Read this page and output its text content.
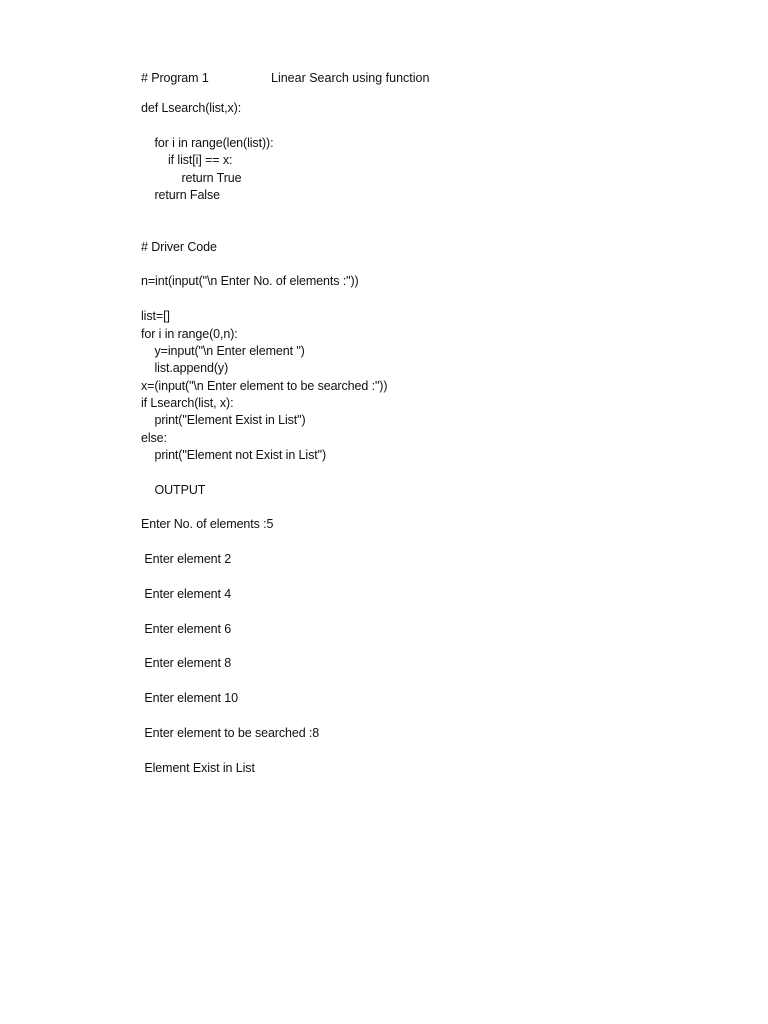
# Program 1	Linear Search using function
def Lsearch(list,x):
for i in range(len(list)):
if list[i] == x:
return True
return False
# Driver Code
n=int(input("\n Enter No. of elements :"))
list=[]
for i in range(0,n):
y=input("\n Enter element ")
list.append(y)
x=(input("\n Enter element to be searched :"))
if Lsearch(list, x):
print("Element Exist in List")
else:
print("Element not Exist in List")
OUTPUT
Enter No. of elements :5
Enter element 2
Enter element 4
Enter element 6
Enter element 8
Enter element 10
Enter element to be searched :8
Element Exist in List
